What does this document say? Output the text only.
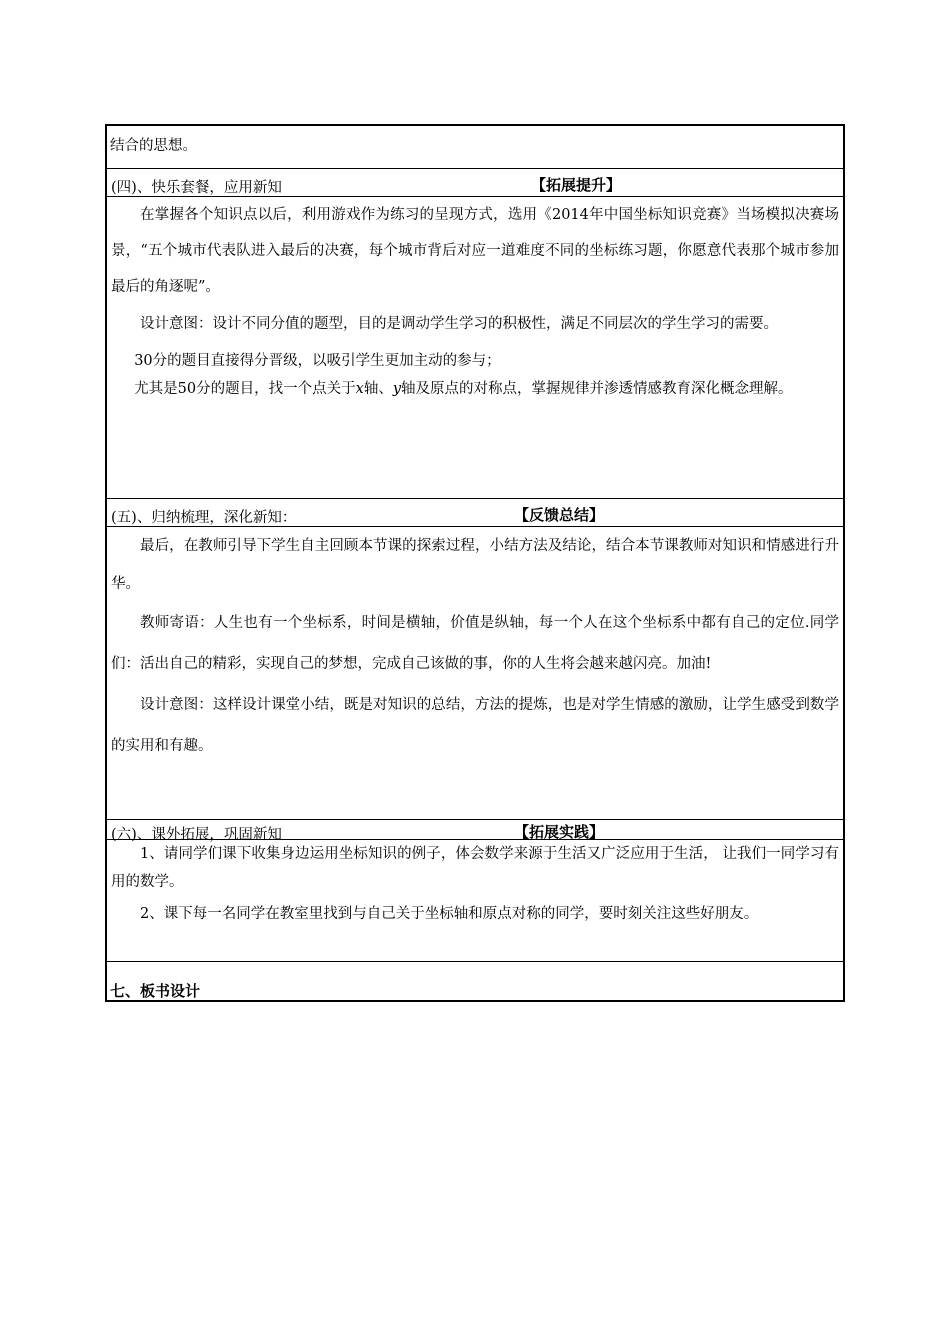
结合的思想。

(四)、快乐套餐，应用新知	【拓展提升】

在掌握各个知识点以后，利用游戏作为练习的呈现方式，选用《2014年中国坐标知识竞赛》当场模拟决赛场景，“五个城市代表队进入最后的决赛，每个城市背后对应一道难度不同的坐标练习题，你愿意代表那个城市参加最后的角逐呢”。

设计意图：设计不同分值的题型，目的是调动学生学习的积极性，满足不同层次的学生学习的需要。

30分的题目直接得分晋级，以吸引学生更加主动的参与；

尤其是50分的题目，找一个点关于x轴、y轴及原点的对称点，掌握规律并渗透情感教育深化概念理解。

(五)、归纳梳理，深化新知：	【反馈总结】

最后，在教师引导下学生自主回顾本节课的探索过程，小结方法及结论，结合本节课教师对知识和情感进行升华。

教师寄语：人生也有一个坐标系，时间是横轴，价值是纵轴，每一个人在这个坐标系中都有自己的定位.同学们：活出自己的精彩，实现自己的梦想，完成自己该做的事，你的人生将会越来越闪亮。加油!

设计意图：这样设计课堂小结，既是对知识的总结，方法的提炼，也是对学生情感的激励，让学生感受到数学的实用和有趣。

(六)、课外拓展，巩固新知	【拓展实践】

1、请同学们课下收集身边运用坐标知识的例子，体会数学来源于生活又广泛应用于生活， 让我们一同学习有用的数学。

2、课下每一名同学在教室里找到与自己关于坐标轴和原点对称的同学，要时刻关注这些好朋友。

七、板书设计
